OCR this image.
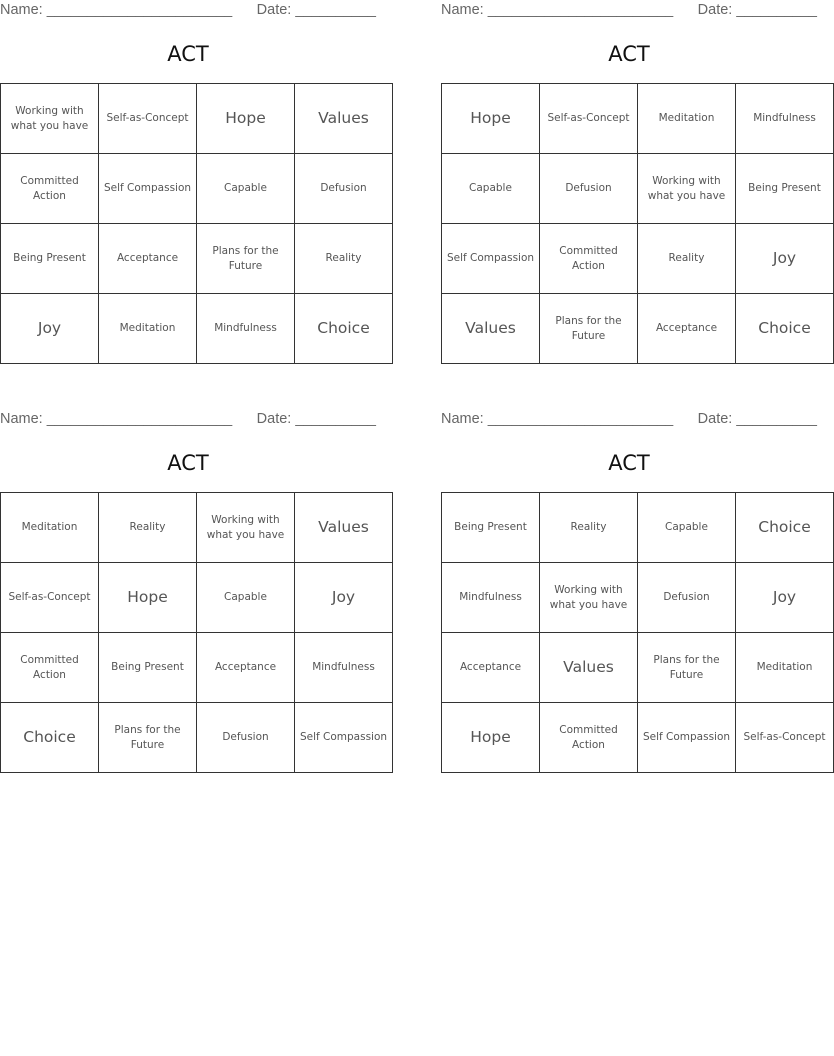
Name: _______________________ Date: __________
ACT
Working with what you have	Self-as-Concept	Hope	Values
Committed Action	Self Compassion	Capable	Defusion
Being Present	Acceptance	Plans for the Future	Reality
Joy	Meditation	Mindfulness	Choice
Name: _______________________ Date: __________
ACT
Hope	Self-as-Concept	Meditation	Mindfulness
Capable	Defusion	Working with what you have	Being Present
Self Compassion	Committed Action	Reality	Joy
Values	Plans for the Future	Acceptance	Choice
Name: _______________________ Date: __________
ACT
Meditation	Reality	Working with what you have	Values
Self-as-Concept	Hope	Capable	Joy
Committed Action	Being Present	Acceptance	Mindfulness
Choice	Plans for the Future	Defusion	Self Compassion
Name: _______________________ Date: __________
ACT
Being Present	Reality	Capable	Choice
Mindfulness	Working with what you have	Defusion	Joy
Acceptance	Values	Plans for the Future	Meditation
Hope	Committed Action	Self Compassion	Self-as-Concept
